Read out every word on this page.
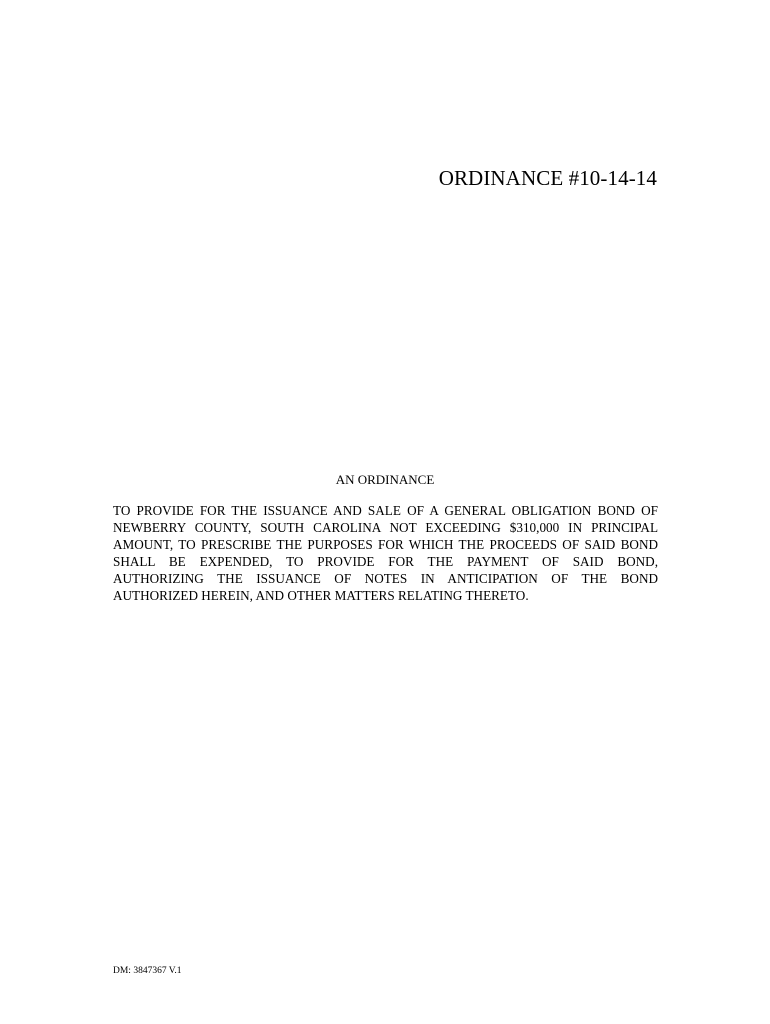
ORDINANCE #10-14-14
AN ORDINANCE

TO PROVIDE FOR THE ISSUANCE AND SALE OF A GENERAL OBLIGATION BOND OF
NEWBERRY COUNTY, SOUTH CAROLINA NOT EXCEEDING $310,000 IN PRINCIPAL
AMOUNT, TO PRESCRIBE THE PURPOSES FOR WHICH THE PROCEEDS OF SAID BOND
SHALL BE EXPENDED, TO PROVIDE FOR THE PAYMENT OF SAID BOND,
AUTHORIZING THE ISSUANCE OF NOTES IN ANTICIPATION OF THE BOND
AUTHORIZED HEREIN, AND OTHER MATTERS RELATING THERETO.

DM: 3847367 V.1
